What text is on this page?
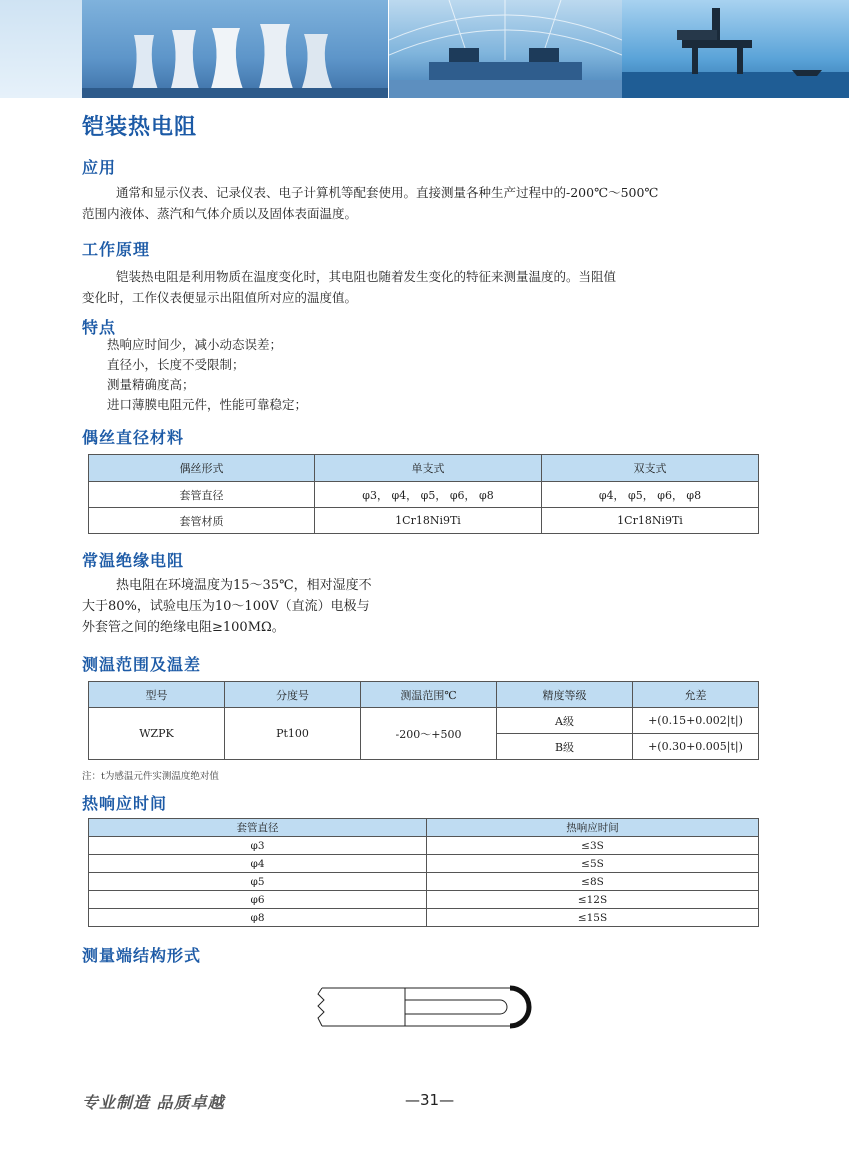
铠装热电阻
应用
通常和显示仪表、记录仪表、电子计算机等配套使用。直接测量各种生产过程中的-200℃～500℃
范围内液体、蒸汽和气体介质以及固体表面温度。
工作原理
铠装热电阻是利用物质在温度变化时，其电阻也随着发生变化的特征来测量温度的。当阻值
变化时，工作仪表便显示出阻值所对应的温度值。
特点
热响应时间少，减小动态误差；
直径小，长度不受限制；
测量精确度高；
进口薄膜电阻元件，性能可靠稳定；
偶丝直径材料
偶丝形式	单支式	双支式
套管直径	φ3， φ4， φ5， φ6， φ8	φ4， φ5， φ6， φ8
套管材质	1Cr18Ni9Ti	1Cr18Ni9Ti
常温绝缘电阻
热电阻在环境温度为15～35℃，相对湿度不
大于80%，试验电压为10～100V（直流）电极与
外套管之间的绝缘电阻≥100MΩ。
测温范围及温差
型号	分度号	测温范围℃	精度等级	允差
WZPK	Pt100	-200～+500	A级	+(0.15+0.002|t|)
			B级	+(0.30+0.005|t|)
注：t为感温元件实测温度绝对值
热响应时间
套管直径	热响应时间
φ3	≤3S
φ4	≤5S
φ5	≤8S
φ6	≤12S
φ8	≤15S
测量端结构形式
专业制造 品质卓越	—31—
